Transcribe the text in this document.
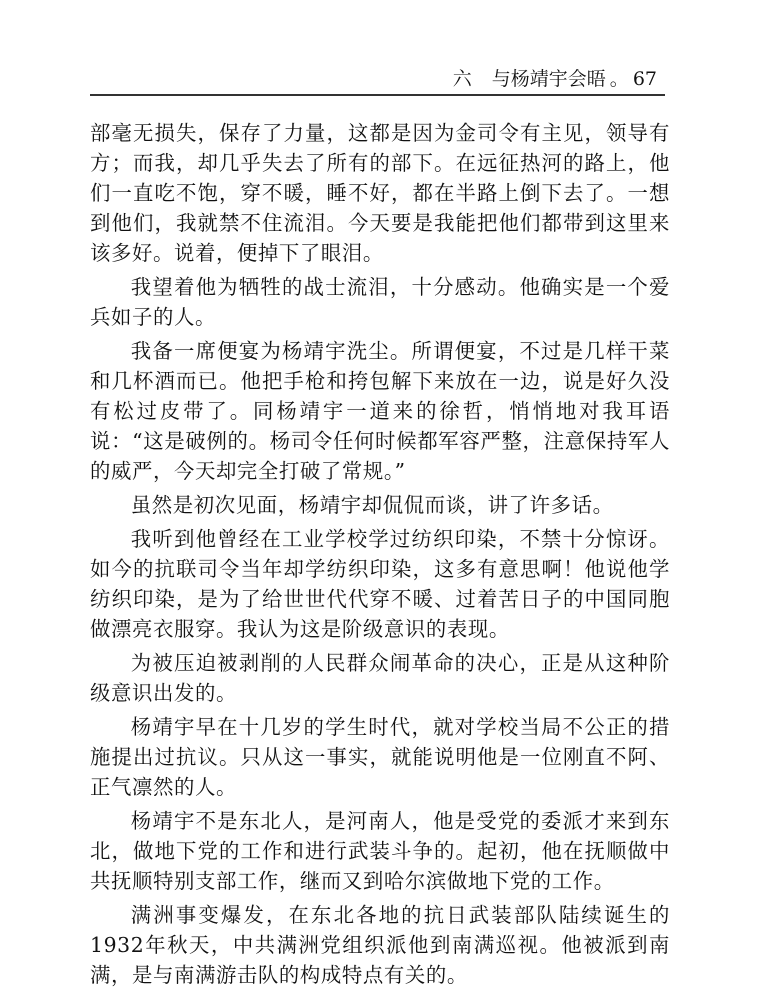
六 与杨靖宇会晤 。 67

部毫无损失，保存了力量，这都是因为金司令有主见，领导有方；而我，却几乎失去了所有的部下。在远征热河的路上，他们一直吃不饱，穿不暖，睡不好，都在半路上倒下去了。一想到他们，我就禁不住流泪。今天要是我能把他们都带到这里来该多好。说着，便掉下了眼泪。

我望着他为牺牲的战士流泪，十分感动。他确实是一个爱兵如子的人。

我备一席便宴为杨靖宇洗尘。所谓便宴，不过是几样干菜和几杯酒而已。他把手枪和挎包解下来放在一边，说是好久没有松过皮带了。同杨靖宇一道来的徐哲，悄悄地对我耳语说：“这是破例的。杨司令任何时候都军容严整，注意保持军人的威严，今天却完全打破了常规。”

虽然是初次见面，杨靖宇却侃侃而谈，讲了许多话。

我听到他曾经在工业学校学过纺织印染，不禁十分惊讶。如今的抗联司令当年却学纺织印染，这多有意思啊！他说他学纺织印染，是为了给世世代代穿不暖、过着苦日子的中国同胞做漂亮衣服穿。我认为这是阶级意识的表现。

为被压迫被剥削的人民群众闹革命的决心，正是从这种阶级意识出发的。

杨靖宇早在十几岁的学生时代，就对学校当局不公正的措施提出过抗议。只从这一事实，就能说明他是一位刚直不阿、正气凛然的人。

杨靖宇不是东北人，是河南人，他是受党的委派才来到东北，做地下党的工作和进行武装斗争的。起初，他在抚顺做中共抚顺特别支部工作，继而又到哈尔滨做地下党的工作。

满洲事变爆发，在东北各地的抗日武装部队陆续诞生的1932年秋天，中共满洲党组织派他到南满巡视。他被派到南满，是与南满游击队的构成特点有关的。
